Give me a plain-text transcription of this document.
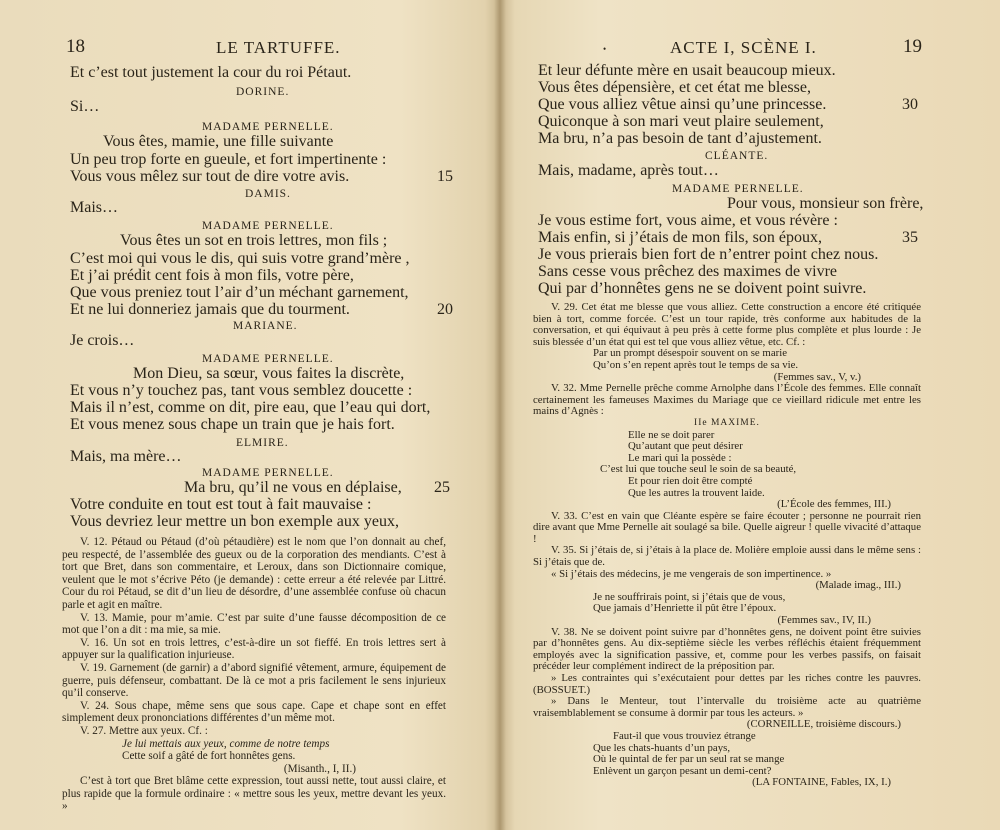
18	LE TARTUFFE.
Et c’est tout justement la cour du roi Pétaut.
DORINE.
Si…
MADAME PERNELLE.
Vous êtes, mamie, une fille suivante
Un peu trop forte en gueule, et fort impertinente :
Vous vous mêlez sur tout de dire votre avis.	15
DAMIS.
Mais…
MADAME PERNELLE.
Vous êtes un sot en trois lettres, mon fils ;
C’est moi qui vous le dis, qui suis votre grand’mère ,
Et j’ai prédit cent fois à mon fils, votre père,
Que vous preniez tout l’air d’un méchant garnement,
Et ne lui donneriez jamais que du tourment.	20
MARIANE.
Je crois…
MADAME PERNELLE.
Mon Dieu, sa sœur, vous faites la discrète,
Et vous n’y touchez pas, tant vous semblez doucette :
Mais il n’est, comme on dit, pire eau, que l’eau qui dort,
Et vous menez sous chape un train que je hais fort.
ELMIRE.
Mais, ma mère…
MADAME PERNELLE.
Ma bru, qu’il ne vous en déplaise, 25
Votre conduite en tout est tout à fait mauvaise :
Vous devriez leur mettre un bon exemple aux yeux,

V. 12. Pétaud ou Pétaud (d’où pétaudière) est le nom que l’on donnait au chef, peu respecté, de l’assemblée des gueux ou de la corporation des mendiants. C’est à tort que Bret, dans son commentaire, et Leroux, dans son Dictionnaire comique, veulent que le mot s’écrive Péto (je demande) : cette erreur a été relevée par Littré. Cour du roi Pétaud, se dit d’un lieu de désordre, d’une assemblée confuse où chacun parle et agit en maître.

V. 13. Mamie, pour m’amie. C’est par suite d’une fausse décomposition de ce mot que l’on a dit : ma mie, sa mie.

V. 16. Un sot en trois lettres, c’est-à-dire un sot fieffé. En trois lettres sert à appuyer sur la qualification injurieuse.

V. 19. Garnement (de garnir) a d’abord signifié vêtement, armure, équipement de guerre, puis défenseur, combattant. De là ce mot a pris facilement le sens injurieux qu’il conserve.

V. 24. Sous chape, même sens que sous cape. Cape et chape sont en effet simplement deux prononciations différentes d’un même mot.

V. 27. Mettre aux yeux. Cf. :

Je lui mettais aux yeux, comme de notre temps

Cette soif a gâté de fort honnêtes gens.

(Misanth., I, II.)

C’est à tort que Bret blâme cette expression, tout aussi nette, tout aussi claire, et plus rapide que la formule ordinaire : « mettre sous les yeux, mettre devant les yeux. »

•	ACTE I, SCÈNE I.	19
Et leur défunte mère en usait beaucoup mieux.
Vous êtes dépensière, et cet état me blesse,
Que vous alliez vêtue ainsi qu’une princesse.	30
Quiconque à son mari veut plaire seulement,
Ma bru, n’a pas besoin de tant d’ajustement.
CLÉANTE.
Mais, madame, après tout…
MADAME PERNELLE.
Pour vous, monsieur son frère,
Je vous estime fort, vous aime, et vous révère :
Mais enfin, si j’étais de mon fils, son époux,	35
Je vous prierais bien fort de n’entrer point chez nous.
Sans cesse vous prêchez des maximes de vivre
Qui par d’honnêtes gens ne se doivent point suivre.

V. 29. Cet état me blesse que vous alliez. Cette construction a encore été critiquée bien à tort, comme forcée. C’est un tour rapide, très conforme aux habitudes de la conversation, et qui équivaut à peu près à cette forme plus complète et plus lourde : Je suis blessée d’un état qui est tel que vous alliez vêtue, etc. Cf. :

Par un prompt désespoir souvent on se marie

Qu’on s’en repent après tout le temps de sa vie.

(Femmes sav., V, v.)

V. 32. Mme Pernelle prêche comme Arnolphe dans l’École des femmes. Elle connaît certainement les fameuses Maximes du Mariage que ce vieillard ridicule met entre les mains d’Agnès :

IIe MAXIME.

Elle ne se doit parer

Qu’autant que peut désirer

Le mari qui la possède :

C’est lui que touche seul le soin de sa beauté,

Et pour rien doit être compté

Que les autres la trouvent laide.

(L’École des femmes, III.)

V. 33. C’est en vain que Cléante espère se faire écouter ; personne ne pourrait rien dire avant que Mme Pernelle ait soulagé sa bile. Quelle aigreur ! quelle vivacité d’attaque !

V. 35. Si j’étais de, si j’étais à la place de. Molière emploie aussi dans le même sens : Si j’étais que de.

« Si j’étais des médecins, je me vengerais de son impertinence. »

(Malade imag., III.)

Je ne souffrirais point, si j’étais que de vous,

Que jamais d’Henriette il pût être l’époux.

(Femmes sav., IV, II.)

V. 38. Ne se doivent point suivre par d’honnêtes gens, ne doivent point être suivies par d’honnêtes gens. Au dix-septième siècle les verbes réfléchis étaient fréquemment employés avec la signification passive, et, comme pour les verbes passifs, on faisait précéder leur complément indirect de la préposition par.

» Les contraintes qui s’exécutaient pour dettes par les riches contre les pauvres. (BOSSUET.)

» Dans le Menteur, tout l’intervalle du troisième acte au quatrième vraisemblablement se consume à dormir par tous les acteurs. »

(CORNEILLE, troisième discours.)

Faut-il que vous trouviez étrange

Que les chats-huants d’un pays,

Où le quintal de fer par un seul rat se mange

Enlèvent un garçon pesant un demi-cent?

(LA FONTAINE, Fables, IX, I.)
